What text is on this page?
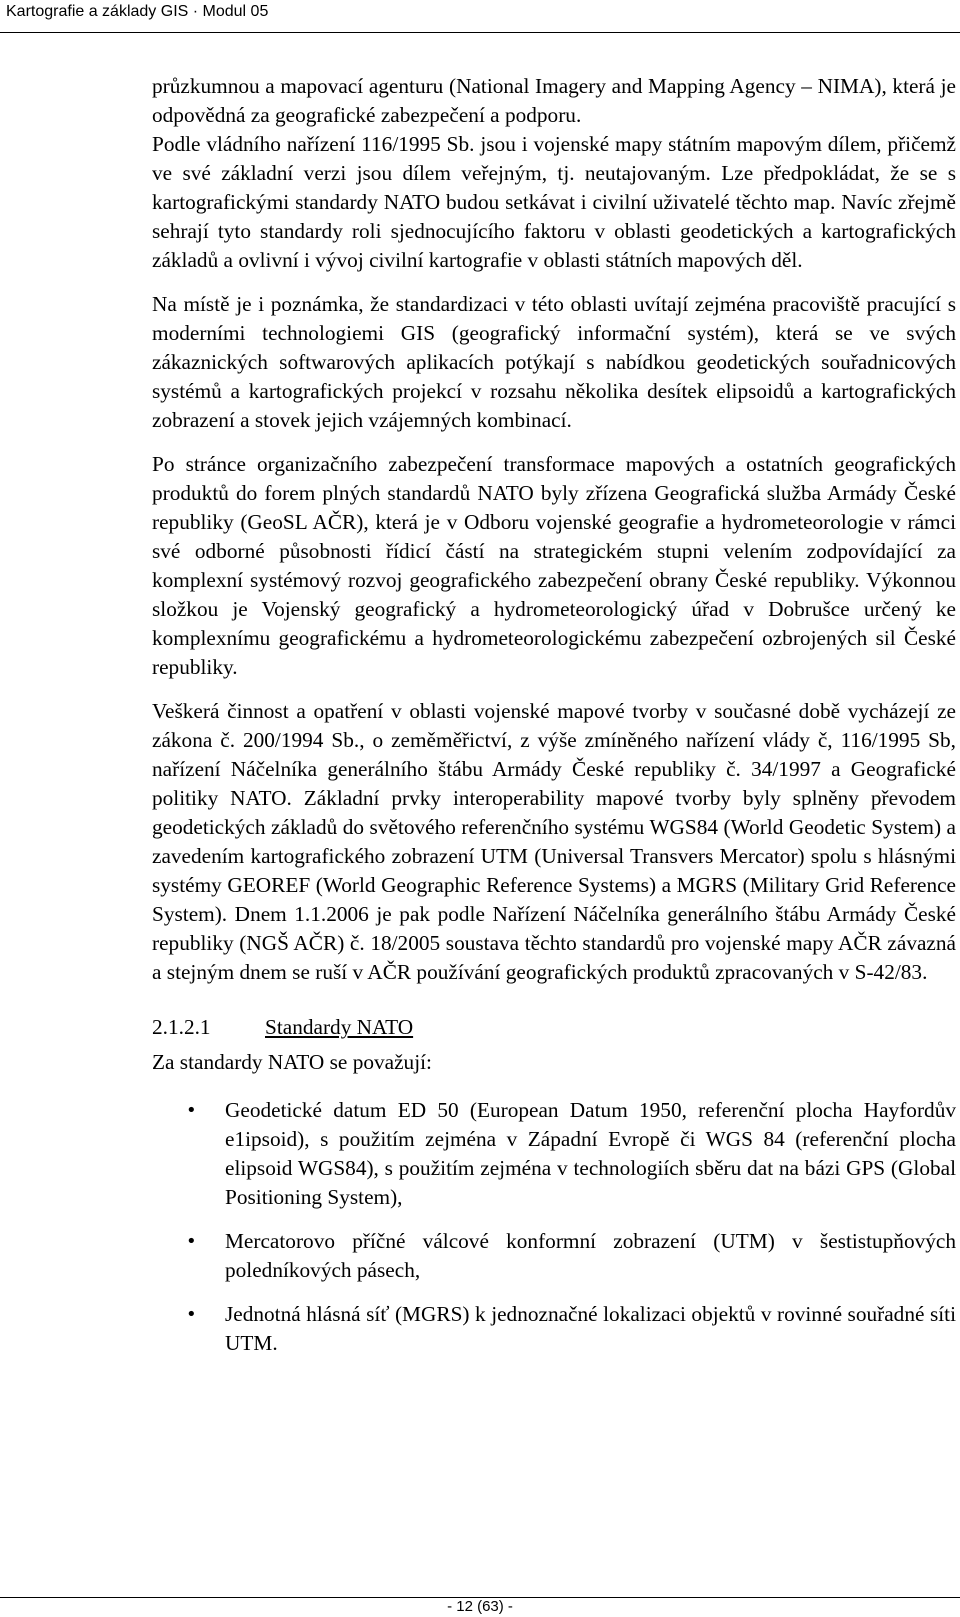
Kartografie a základy GIS · Modul 05

průzkumnou a mapovací agenturu (National Imagery and Mapping Agency – NIMA), která je odpovědná za geografické zabezpečení a podporu.

Podle vládního nařízení 116/1995 Sb. jsou i vojenské mapy státním mapovým dílem, přičemž ve své základní verzi jsou dílem veřejným, tj. neutajovaným. Lze předpokládat, že se s kartografickými standardy NATO budou setkávat i civilní uživatelé těchto map. Navíc zřejmě sehrají tyto standardy roli sjednocujícího faktoru v oblasti geodetických a kartografických základů a ovlivní i vývoj civilní kartografie v oblasti státních mapových děl.

Na místě je i poznámka, že standardizaci v této oblasti uvítají zejména pracoviště pracující s moderními technologiemi GIS (geografický informační systém), která se ve svých zákaznických softwarových aplikacích potýkají s nabídkou geodetických souřadnicových systémů a kartografických projekcí v rozsahu několika desítek elipsoidů a kartografických zobrazení a stovek jejich vzájemných kombinací.

Po stránce organizačního zabezpečení transformace mapových a ostatních geografických produktů do forem plných standardů NATO byly zřízena Geografická služba Armády České republiky (GeoSL AČR), která je v Odboru vojenské geografie a hydrometeorologie v rámci své odborné působnosti řídicí částí na strategickém stupni velením zodpovídající za komplexní systémový rozvoj geografického zabezpečení obrany České republiky. Výkonnou složkou je Vojenský geografický a hydrometeorologický úřad v Dobrušce určený ke komplexnímu geografickému a hydrometeorologickému zabezpečení ozbrojených sil České republiky.

Veškerá činnost a opatření v oblasti vojenské mapové tvorby v současné době vycházejí ze zákona č. 200/1994 Sb., o zeměměřictví, z výše zmíněného nařízení vlády č, 116/1995 Sb, nařízení Náčelníka generálního štábu Armády České republiky č. 34/1997 a Geografické politiky NATO. Základní prvky interoperability mapové tvorby byly splněny převodem geodetických základů do světového referenčního systému WGS84 (World Geodetic System) a zavedením kartografického zobrazení UTM (Universal Transvers Mercator) spolu s hlásnými systémy GEOREF (World Geographic Reference Systems) a MGRS (Military Grid Reference System). Dnem 1.1.2006 je pak podle Nařízení Náčelníka generálního štábu Armády České republiky (NGŠ AČR) č. 18/2005 soustava těchto standardů pro vojenské mapy AČR závazná a stejným dnem se ruší v AČR používání geografických produktů zpracovaných v S-42/83.

2.1.2.1	Standardy NATO
Za standardy NATO se považují:
• Geodetické datum ED 50 (European Datum 1950, referenční plocha Hayfordův e1ipsoid), s použitím zejména v Západní Evropě či WGS 84 (referenční plocha elipsoid WGS84), s použitím zejména v technologiích sběru dat na bázi GPS (Global Positioning System),
• Mercatorovo příčné válcové konformní zobrazení (UTM) v šestistupňových poledníkových pásech,
• Jednotná hlásná síť (MGRS) k jednoznačné lokalizaci objektů v rovinné souřadné síti UTM.
- 12 (63) -
